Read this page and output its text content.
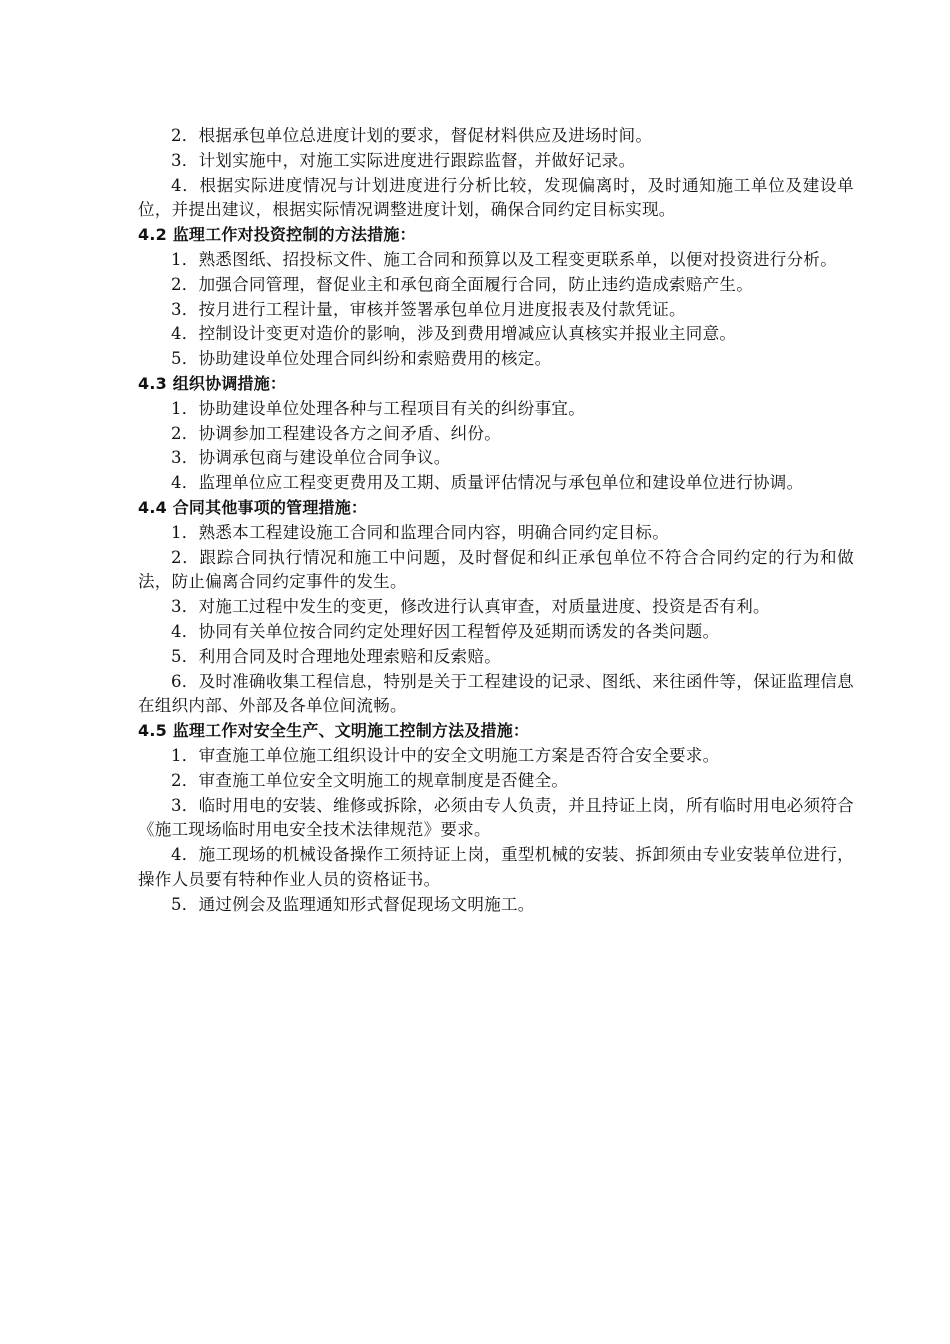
2．根据承包单位总进度计划的要求，督促材料供应及进场时间。

3．计划实施中，对施工实际进度进行跟踪监督，并做好记录。

4．根据实际进度情况与计划进度进行分析比较，发现偏离时，及时通知施工单位及建设单位，并提出建议，根据实际情况调整进度计划，确保合同约定目标实现。

4.2 监理工作对投资控制的方法措施：

1．熟悉图纸、招投标文件、施工合同和预算以及工程变更联系单，以便对投资进行分析。

2．加强合同管理，督促业主和承包商全面履行合同，防止违约造成索赔产生。

3．按月进行工程计量，审核并签署承包单位月进度报表及付款凭证。

4．控制设计变更对造价的影响，涉及到费用增减应认真核实并报业主同意。

5．协助建设单位处理合同纠纷和索赔费用的核定。

4.3 组织协调措施：

1．协助建设单位处理各种与工程项目有关的纠纷事宜。

2．协调参加工程建设各方之间矛盾、纠份。

3．协调承包商与建设单位合同争议。

4．监理单位应工程变更费用及工期、质量评估情况与承包单位和建设单位进行协调。

4.4 合同其他事项的管理措施：

1．熟悉本工程建设施工合同和监理合同内容，明确合同约定目标。

2．跟踪合同执行情况和施工中问题，及时督促和纠正承包单位不符合合同约定的行为和做法，防止偏离合同约定事件的发生。

3．对施工过程中发生的变更，修改进行认真审查，对质量进度、投资是否有利。

4．协同有关单位按合同约定处理好因工程暂停及延期而诱发的各类问题。

5．利用合同及时合理地处理索赔和反索赔。

6．及时准确收集工程信息，特别是关于工程建设的记录、图纸、来往函件等，保证监理信息在组织内部、外部及各单位间流畅。

4.5 监理工作对安全生产、文明施工控制方法及措施：

1．审查施工单位施工组织设计中的安全文明施工方案是否符合安全要求。

2．审查施工单位安全文明施工的规章制度是否健全。

3．临时用电的安装、维修或拆除，必须由专人负责，并且持证上岗，所有临时用电必须符合《施工现场临时用电安全技术法律规范》要求。

4．施工现场的机械设备操作工须持证上岗，重型机械的安装、拆卸须由专业安装单位进行，操作人员要有特种作业人员的资格证书。

5．通过例会及监理通知形式督促现场文明施工。
